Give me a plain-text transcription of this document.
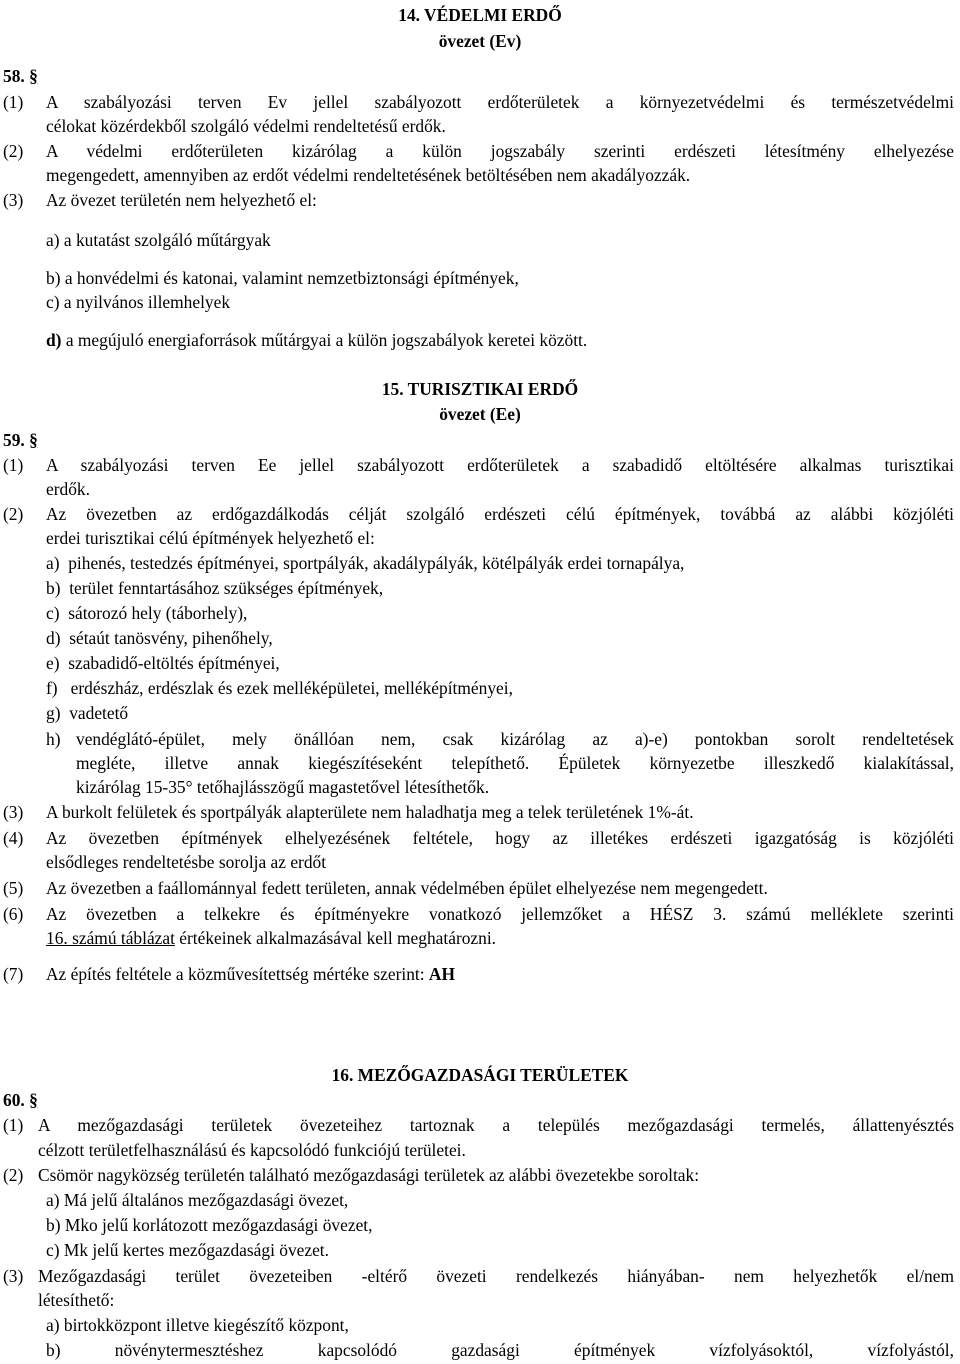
14. VÉDELMI ERDŐ
övezet (Ev)
58. §
(1) A szabályozási terven Ev jellel szabályozott erdőterületek a környezetvédelmi és természetvédelmi
célokat közérdekből szolgáló védelmi rendeltetésű erdők.
(2) A védelmi erdőterületen kizárólag a külön jogszabály szerinti erdészeti létesítmény elhelyezése
megengedett, amennyiben az erdőt védelmi rendeltetésének betöltésében nem akadályozzák.
(3) Az övezet területén nem helyezhető el:
a) a kutatást szolgáló műtárgyak
b) a honvédelmi és katonai, valamint nemzetbiztonsági építmények,
c) a nyilvános illemhelyek
d) a megújuló energiaforrások műtárgyai a külön jogszabályok keretei között.
15. TURISZTIKAI ERDŐ
övezet (Ee)
59. §
(1) A szabályozási terven Ee jellel szabályozott erdőterületek a szabadidő eltöltésére alkalmas turisztikai
erdők.
(2) Az övezetben az erdőgazdálkodás célját szolgáló erdészeti célú építmények, továbbá az alábbi közjóléti
erdei turisztikai célú építmények helyezhető el:
a) pihenés, testedzés építményei, sportpályák, akadálypályák, kötélpályák erdei tornapálya,
b) terület fenntartásához szükséges építmények,
c) sátorozó hely (táborhely),
d) sétaút tanösvény, pihenőhely,
e) szabadidő-eltöltés építményei,
f) erdészház, erdészlak és ezek melléképületei, melléképítményei,
g) vadetető
h) vendéglátó-épület, mely önállóan nem, csak kizárólag az a)-e) pontokban sorolt rendeltetések
megléte, illetve annak kiegészítéseként telepíthető. Épületek környezetbe illeszkedő kialakítással,
kizárólag 15-35° tetőhajlásszögű magastetővel létesíthetők.
(3) A burkolt felületek és sportpályák alapterülete nem haladhatja meg a telek területének 1%-át.
(4) Az övezetben építmények elhelyezésének feltétele, hogy az illetékes erdészeti igazgatóság is közjóléti
elsődleges rendeltetésbe sorolja az erdőt
(5) Az övezetben a faállománnyal fedett területen, annak védelmében épület elhelyezése nem megengedett.
(6) Az övezetben a telkekre és építményekre vonatkozó jellemzőket a HÉSZ 3. számú melléklete szerinti
16. számú táblázat értékeinek alkalmazásával kell meghatározni.
(7) Az építés feltétele a közművesítettség mértéke szerint: AH
16. MEZŐGAZDASÁGI TERÜLETEK
60. §
(1) A mezőgazdasági területek övezeteihez tartoznak a település mezőgazdasági termelés, állattenyésztés
célzott területfelhasználású és kapcsolódó funkciójú területei.
(2) Csömör nagyközség területén található mezőgazdasági területek az alábbi övezetekbe soroltak:
a) Má jelű általános mezőgazdasági övezet,
b) Mko jelű korlátozott mezőgazdasági övezet,
c) Mk jelű kertes mezőgazdasági övezet.
(3) Mezőgazdasági terület övezeteiben -eltérő övezeti rendelkezés hiányában- nem helyezhetők el/nem
létesíthető:
a) birtokközpont illetve kiegészítő központ,
b)	növénytermesztéshez kapcsolódó gazdasági építmények vízfolyásoktól, vízfolyástól,
